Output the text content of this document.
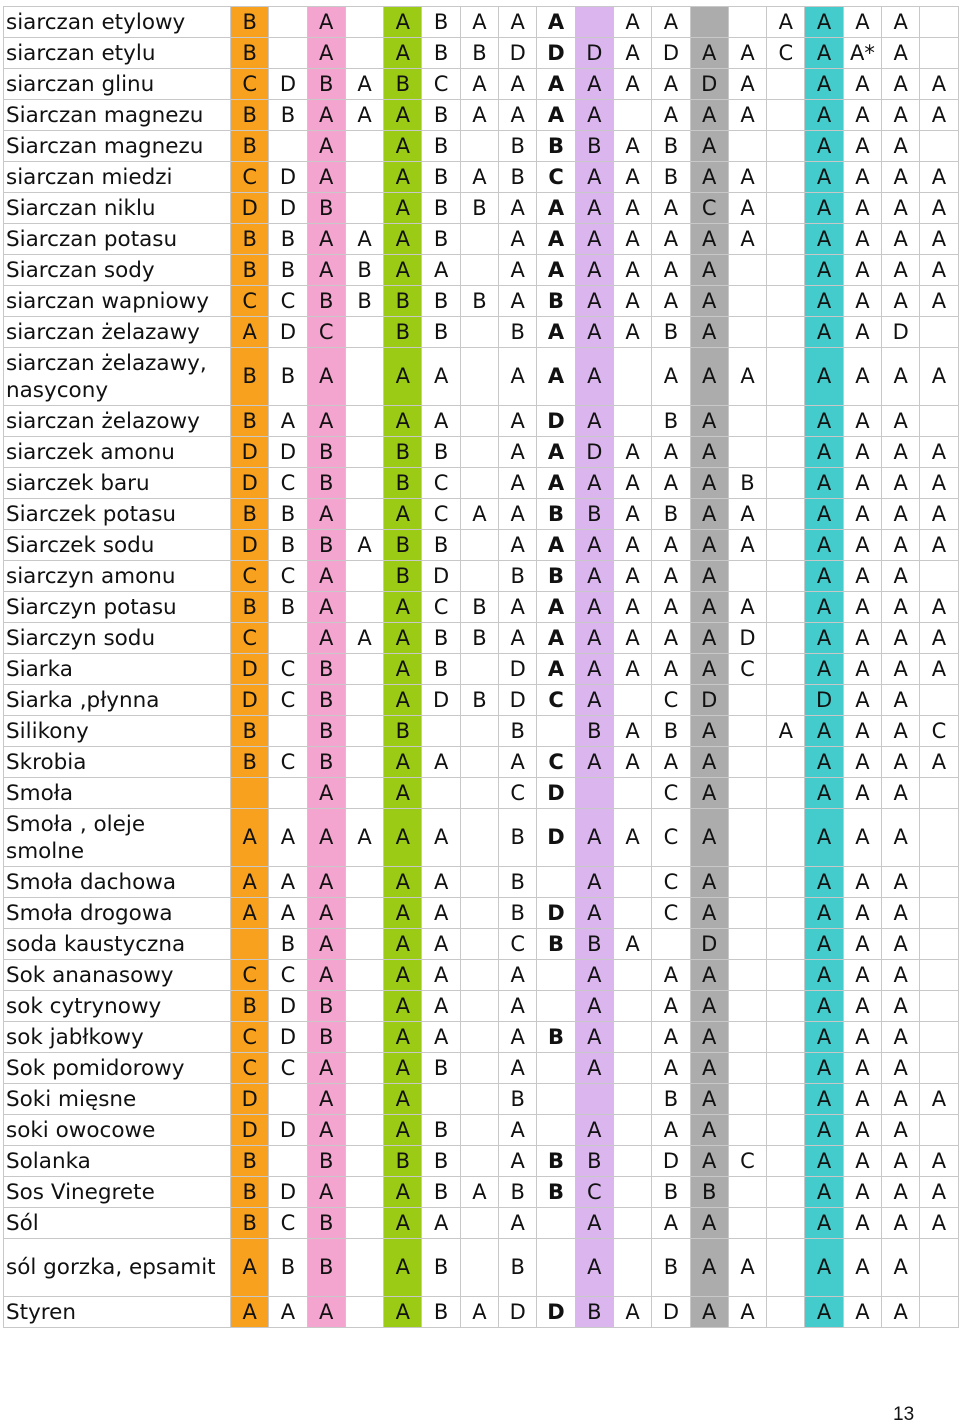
siarczan etylowy	B		A		A	B	A	A	A		A	A			A	A	A	A	
siarczan etylu	B		A		A	B	B	D	D	D	A	D	A	A	C	A	A*	A	
siarczan glinu	C	D	B	A	B	C	A	A	A	A	A	A	D	A		A	A	A	A
Siarczan magnezu	B	B	A	A	A	B	A	A	A	A		A	A	A		A	A	A	A
Siarczan magnezu	B		A		A	B		B	B	B	A	B	A			A	A	A	
siarczan miedzi	C	D	A		A	B	A	B	C	A	A	B	A	A		A	A	A	A
Siarczan niklu	D	D	B		A	B	B	A	A	A	A	A	C	A		A	A	A	A
Siarczan potasu	B	B	A	A	A	B		A	A	A	A	A	A	A		A	A	A	A
Siarczan sody	B	B	A	B	A	A		A	A	A	A	A	A			A	A	A	A
siarczan wapniowy	C	C	B	B	B	B	B	A	B	A	A	A	A			A	A	A	A
siarczan żelazawy	A	D	C		B	B		B	A	A	A	B	A			A	A	D	
siarczan żelazawy, nasycony	B	B	A		A	A		A	A	A		A	A	A		A	A	A	A
siarczan żelazowy	B	A	A		A	A		A	D	A		B	A			A	A	A	
siarczek amonu	D	D	B		B	B		A	A	D	A	A	A			A	A	A	A
siarczek baru	D	C	B		B	C		A	A	A	A	A	A	B		A	A	A	A
Siarczek potasu	B	B	A		A	C	A	A	B	B	A	B	A	A		A	A	A	A
Siarczek sodu	D	B	B	A	B	B		A	A	A	A	A	A	A		A	A	A	A
siarczyn amonu	C	C	A		B	D		B	B	A	A	A	A			A	A	A	
Siarczyn potasu	B	B	A		A	C	B	A	A	A	A	A	A	A		A	A	A	A
Siarczyn sodu	C		A	A	A	B	B	A	A	A	A	A	A	D		A	A	A	A
Siarka	D	C	B		A	B		D	A	A	A	A	A	C		A	A	A	A
Siarka ,płynna	D	C	B		A	D	B	D	C	A		C	D			D	A	A	
Silikony	B		B		B			B		B	A	B	A		A	A	A	A	C
Skrobia	B	C	B		A	A		A	C	A	A	A	A			A	A	A	A
Smoła			A		A			C	D			C	A			A	A	A	
Smoła , oleje smolne	A	A	A	A	A	A		B	D	A	A	C	A			A	A	A	
Smoła dachowa	A	A	A		A	A		B		A		C	A			A	A	A	
Smoła drogowa	A	A	A		A	A		B	D	A		C	A			A	A	A	
soda kaustyczna		B	A		A	A		C	B	B	A		D			A	A	A	
Sok ananasowy	C	C	A		A	A		A		A		A	A			A	A	A	
sok cytrynowy	B	D	B		A	A		A		A		A	A			A	A	A	
sok jabłkowy	C	D	B		A	A		A	B	A		A	A			A	A	A	
Sok pomidorowy	C	C	A		A	B		A		A		A	A			A	A	A	
Soki mięsne	D		A		A			B				B	A			A	A	A	A
soki owocowe	D	D	A		A	B		A		A		A	A			A	A	A	
Solanka	B		B		B	B		A	B	B		D	A	C		A	A	A	A
Sos Vinegrete	B	D	A		A	B	A	B	B	C		B	B			A	A	A	A
Sól	B	C	B		A	A		A		A		A	A			A	A	A	A
sól gorzka, epsamit	A	B	B		A	B		B		A		B	A	A		A	A	A	
Styren	A	A	A		A	B	A	D	D	B	A	D	A	A		A	A	A	
13
